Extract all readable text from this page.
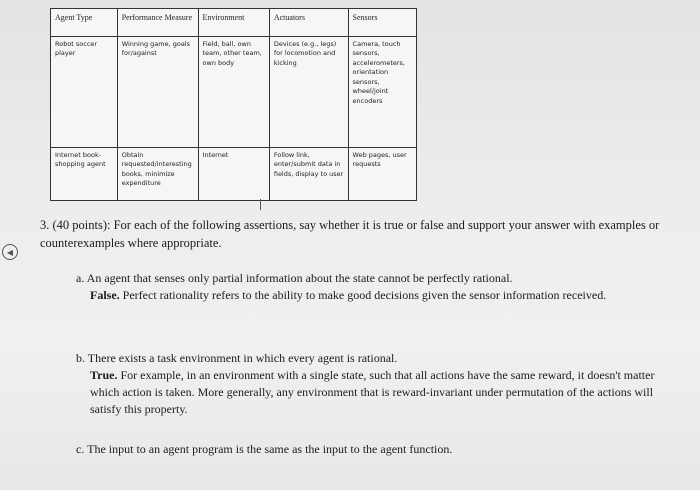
Agent Type	Performance Measure	Environment	Actuators	Sensors
Robot soccer player	Winning game, goals for/against	Field, ball, own team, other team, own body	Devices (e.g., legs) for locomotion and kicking	Camera, touch sensors, accelerometers, orientation sensors, wheel/joint encoders
Internet book-shopping agent	Obtain requested/interesting books, minimize expenditure	Internet	Follow link, enter/submit data in fields, display to user	Web pages, user requests
◀

3. (40 points): For each of the following assertions, say whether it is true or false and support your answer with examples or counterexamples where appropriate.

a. An agent that senses only partial information about the state cannot be perfectly rational.
False. Perfect rationality refers to the ability to make good decisions given the sensor information received.
b. There exists a task environment in which every agent is rational.
True. For example, in an environment with a single state, such that all actions have the same reward, it doesn't matter which action is taken. More generally, any environment that is reward-invariant under permutation of the actions will satisfy this property.
c. The input to an agent program is the same as the input to the agent function.
